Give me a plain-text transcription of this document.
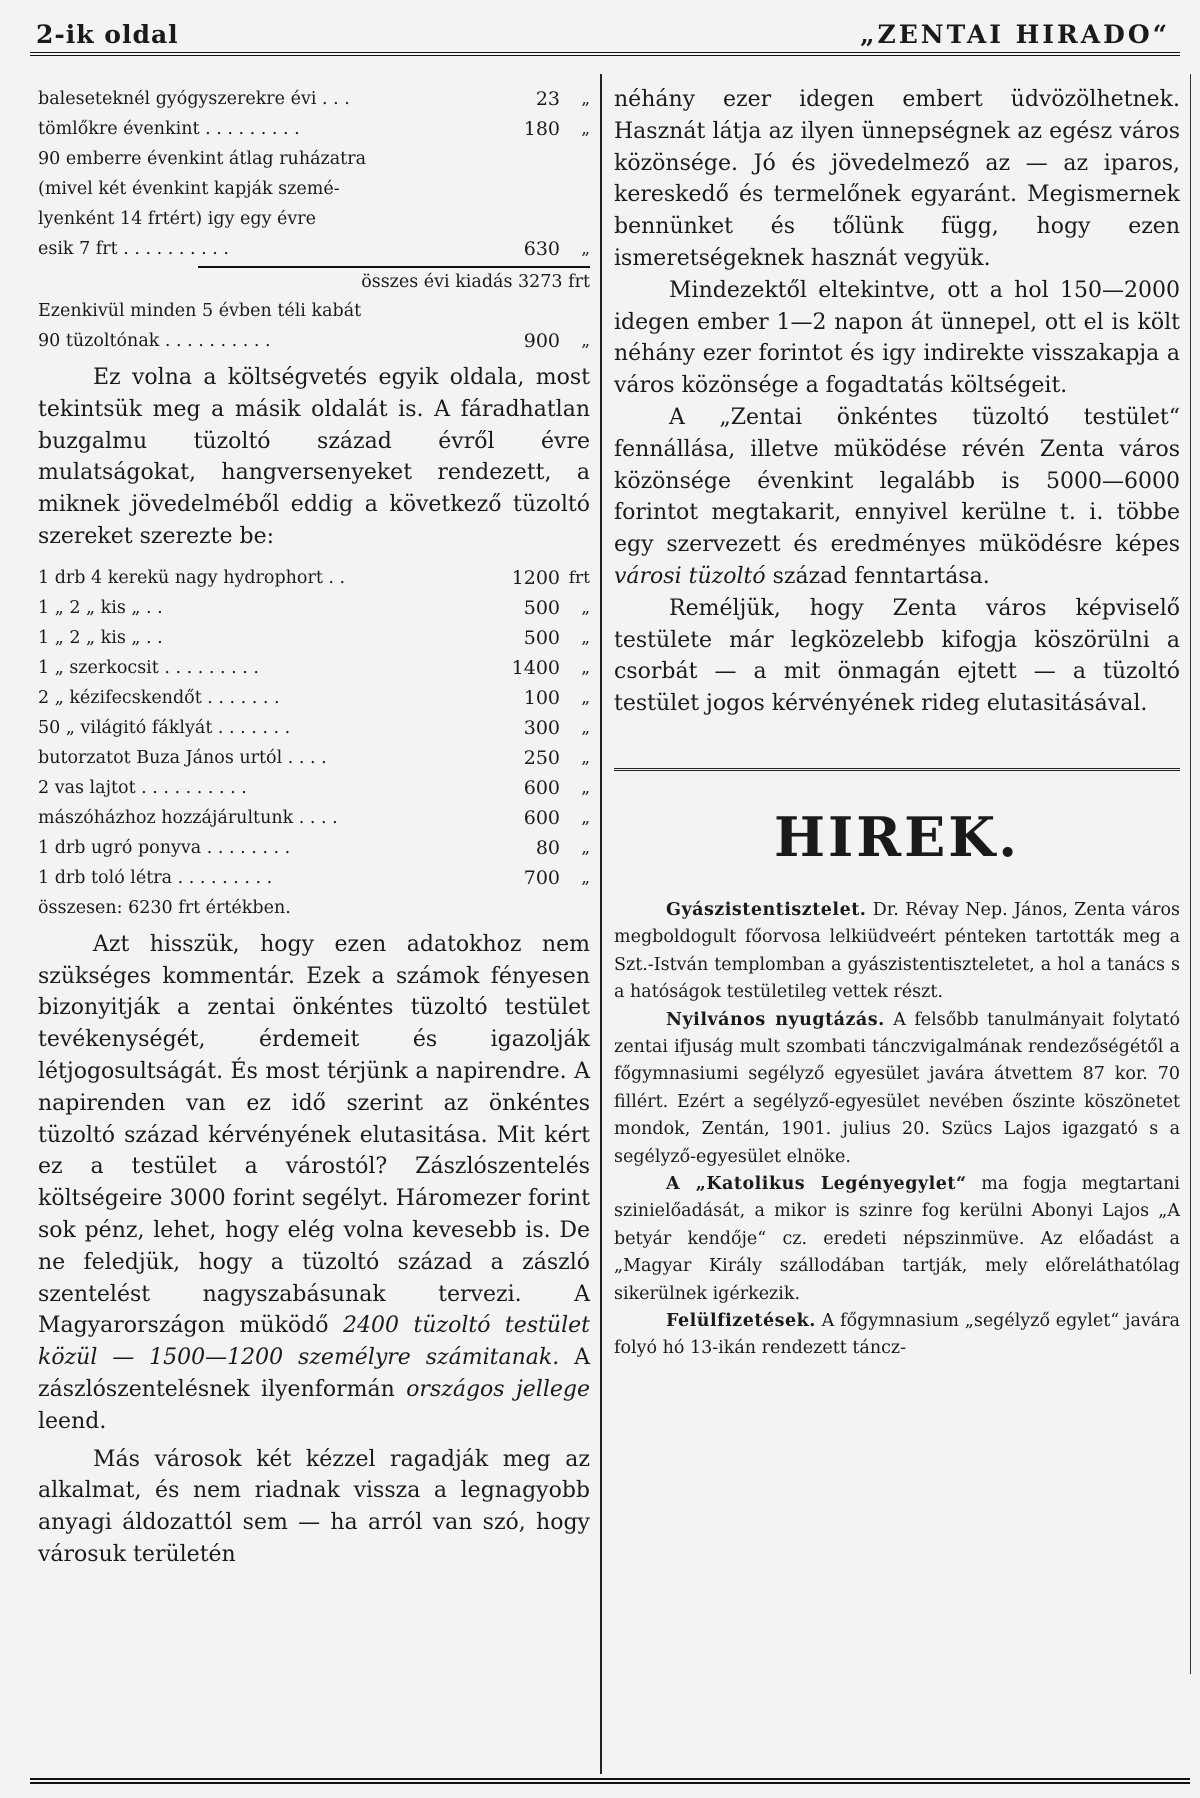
2-ik oldal	„ZENTAI HIRADO“
baleseteknél gyógyszerekre évi . . .	23	„
tömlőkre évenkint . . . . . . . . .	180	„
90 emberre évenkint átlag ruházatra		
(mivel két évenkint kapják szemé-		
lyenként 14 frtért) igy egy évre		
esik 7 frt . . . . . . . . . .	630	„
összes évi kiadás 3273 frt
Ezenkivül minden 5 évben téli kabát		
90 tüzoltónak . . . . . . . . . .	900	„

Ez volna a költségvetés egyik oldala, most tekintsük meg a másik oldalát is. A fáradhatlan buzgalmu tüzoltó század évről évre mulatságokat, hangversenyeket rendezett, a miknek jövedelméből eddig a következő tüzoltó szereket szerezte be:

1 drb 4 kerekü nagy hydrophort . .	1200	frt
1 „ 2 „ kis „ . .	500	„
1 „ 2 „ kis „ . .	500	„
1 „ szerkocsit . . . . . . . . .	1400	„
2 „ kézifecskendőt . . . . . . .	100	„
50 „ világitó fáklyát . . . . . . .	300	„
butorzatot Buza János urtól . . . .	250	„
2 vas lajtot . . . . . . . . . .	600	„
mászóházhoz hozzájárultunk . . . .	600	„
1 drb ugró ponyva . . . . . . . .	80	„
1 drb toló létra . . . . . . . . .	700	„
összesen: 6230 frt értékben.

Azt hisszük, hogy ezen adatokhoz nem szükséges kommentár. Ezek a számok fényesen bizonyitják a zentai önkéntes tüzoltó testület tevékenységét, érdemeit és igazolják létjogosultságát. És most térjünk a napirendre. A napirenden van ez idő szerint az önkéntes tüzoltó század kérvényének elutasitása. Mit kért ez a testület a várostól? Zászlószentelés költségeire 3000 forint segélyt. Háromezer forint sok pénz, lehet, hogy elég volna kevesebb is. De ne feledjük, hogy a tüzoltó század a zászló szentelést nagyszabásunak tervezi. A Magyarországon müködő 2400 tüzoltó testület közül — 1500—1200 személyre számitanak. A zászlószentelésnek ilyenformán országos jellege leend.

Más városok két kézzel ragadják meg az alkalmat, és nem riadnak vissza a legnagyobb anyagi áldozattól sem — ha arról van szó, hogy városuk területén

néhány ezer idegen embert üdvözölhetnek. Hasznát látja az ilyen ünnepségnek az egész város közönsége. Jó és jövedelmező az — az iparos, kereskedő és termelőnek egyaránt. Megismernek bennünket és tőlünk függ, hogy ezen ismeretségeknek hasznát vegyük.

Mindezektől eltekintve, ott a hol 150—2000 idegen ember 1—2 napon át ünnepel, ott el is költ néhány ezer forintot és igy indirekte visszakapja a város közönsége a fogadtatás költségeit.

A „Zentai önkéntes tüzoltó testület“ fennállása, illetve müködése révén Zenta város közönsége évenkint legalább is 5000—6000 forintot megtakarit, ennyivel kerülne t. i. többe egy szervezett és eredményes müködésre képes városi tüzoltó század fenntartása.

Reméljük, hogy Zenta város képviselő testülete már legközelebb kifogja köszörülni a csorbát — a mit önmagán ejtett — a tüzoltó testület jogos kérvényének rideg elutasitásával.

HIREK.

Gyászistentisztelet. Dr. Révay Nep. János, Zenta város megboldogult főorvosa lelkiüdveért pénteken tartották meg a Szt.-István templomban a gyászistentiszteletet, a hol a tanács s a hatóságok testületileg vettek részt.

Nyilvános nyugtázás. A felsőbb tanulmányait folytató zentai ifjuság mult szombati tánczvigalmának rendezőségétől a főgymnasiumi segélyző egyesület javára átvettem 87 kor. 70 fillért. Ezért a segélyző-egyesület nevében őszinte köszönetet mondok, Zentán, 1901. julius 20. Szücs Lajos igazgató s a segélyző-egyesület elnöke.

A „Katolikus Legényegylet“ ma fogja megtartani szinielőadását, a mikor is szinre fog kerülni Abonyi Lajos „A betyár kendője“ cz. eredeti népszinmüve. Az előadást a „Magyar Király szállodában tartják, mely előreláthatólag sikerülnek igérkezik.

Felülfizetések. A főgymnasium „segélyző egylet“ javára folyó hó 13-ikán rendezett táncz-
